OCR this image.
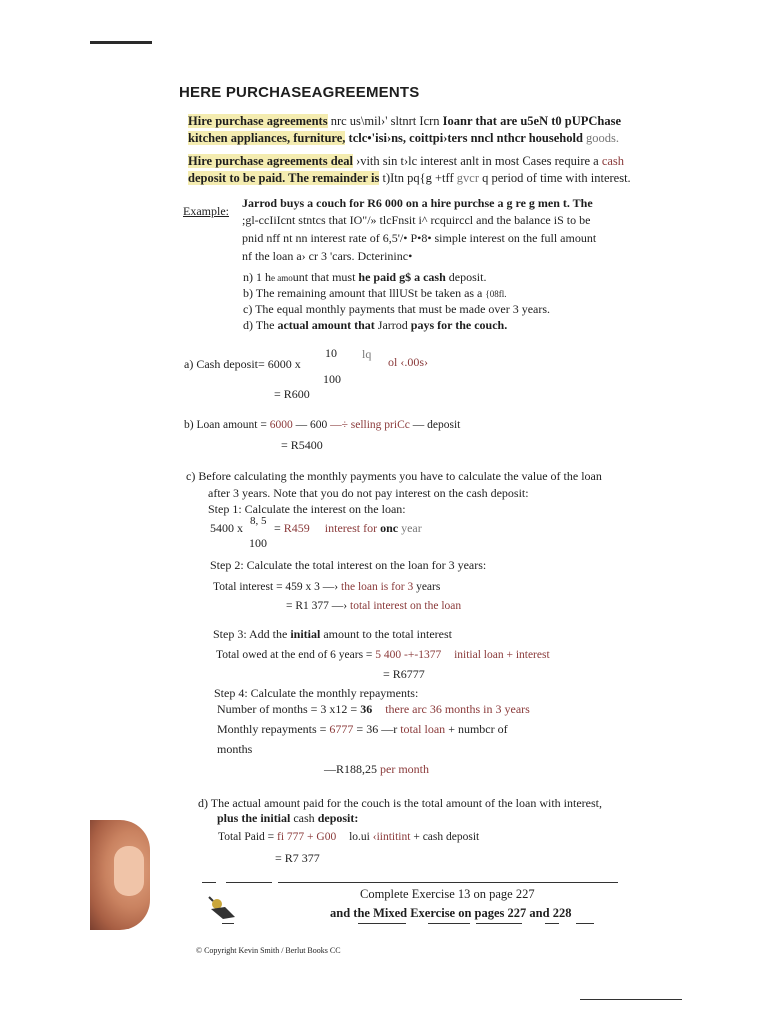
HERE PURCHASEAGREEMENTS
Hire purchase agreements nrc us\mil›' sltnrt Icrn Ioanr that are u5eN t0 pUPChase
kitchen appliances, furniture, tclc•'isi›ns, coittpi›ters nncl nthcr household goods.
Hire purchase agreements deal ›vith sin t›lc interest anlt in most Cases require a cash
deposit to be paid. The remainder is t)Itn pq{g +tff gvcr q period of time with interest.
Example:
Jarrod buys a couch for R6 000 on a hire purchse a g re g men t. The
;gl-ccIiIcnt stntcs that IO"/» tlcFnsit i^ rcquirccl and the balance iS to be
pnid nff nt nn interest rate of 6,5'/• P•8• simple interest on the full amount
nf the loan a› cr 3 'cars. Dcterininc•
n) 1 he amount that must he paid g$ a cash deposit.
b) The remaining amount that lllUSt be taken as a {08fl.
c) The equal monthly payments that must be made over 3 years.
d) The actual amount that Jarrod pays for the couch.
a) Cash deposit= 6000 x
10
100
lq
ol ‹.00s›
= R600
b) Loan amount = 6000 — 600 —÷ selling priCc — deposit
= R5400
c) Before calculating the monthly payments you have to calculate the value of the loan
after 3 years. Note that you do not pay interest on the cash deposit:
Step 1: Calculate the interest on the loan:
5400 x 8, 5
100
= R459 interest for onc year
Step 2: Calculate the total interest on the loan for 3 years:
Total interest = 459 x 3 —› the loan is for 3 years
= R1 377 —› total interest on the loan
Step 3: Add the initial amount to the total interest
Total owed at the end of 6 years = 5 400 -+-1377 initial loan + interest
= R6777
Step 4: Calculate the monthly repayments:
Number of months = 3 x12 = 36 there arc 36 months in 3 years
Monthly repayments = 6777 = 36 —r total loan + numbcr of
months
—R188,25 per month
d) The actual amount paid for the couch is the total amount of the loan with interest,
plus the initial cash deposit:
Total Paid = fi 777 + G00 lo.ui ‹iintitint + cash deposit
= R7 377
Complete Exercise 13 on page 227
and the Mixed Exercise on pages 227 and 228
© Copyright Kevin Smith / Berlut Books CC
